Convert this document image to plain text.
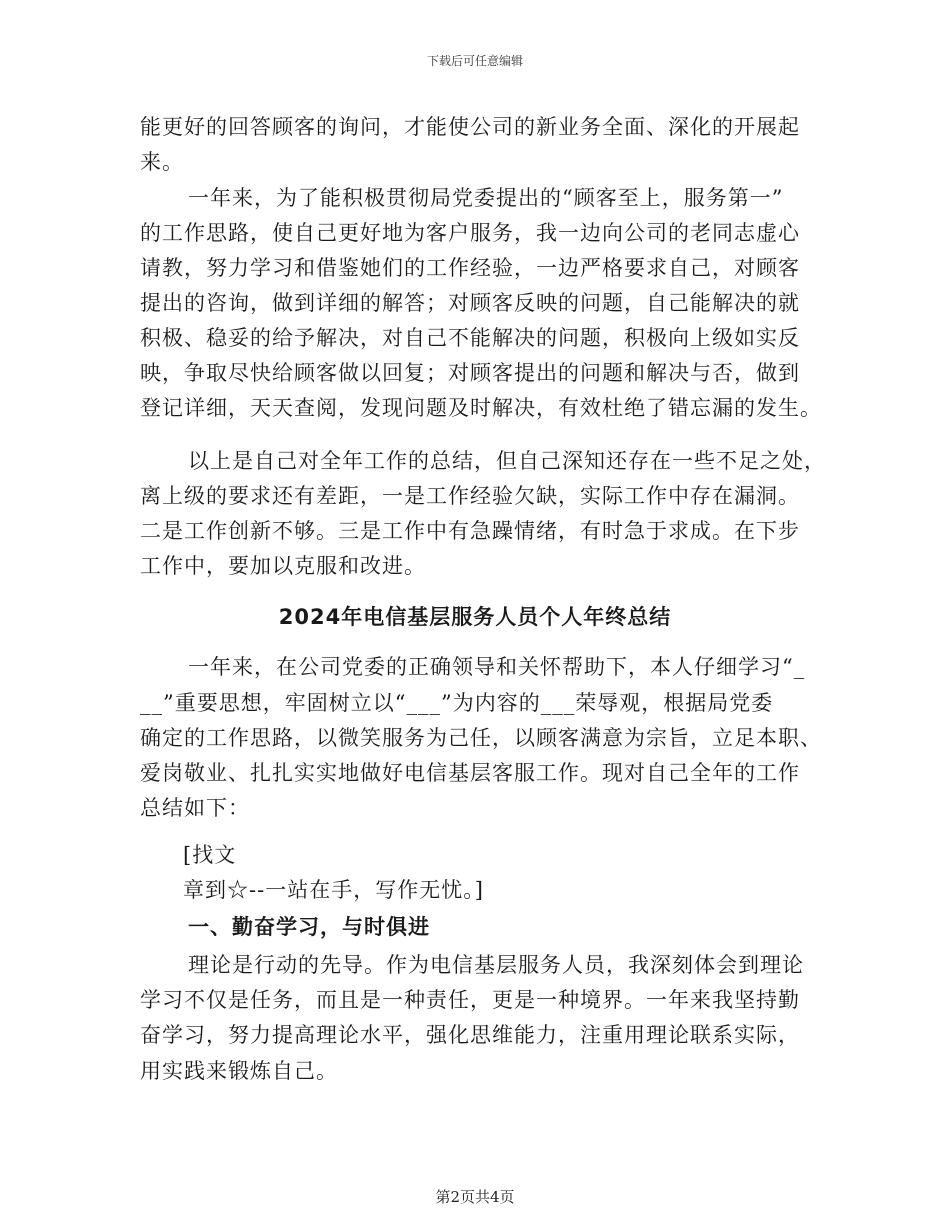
下载后可任意编辑
能更好的回答顾客的询问，才能使公司的新业务全面、深化的开展起
来。
一年来，为了能积极贯彻局党委提出的“顾客至上，服务第一”
的工作思路，使自己更好地为客户服务，我一边向公司的老同志虚心
请教，努力学习和借鉴她们的工作经验，一边严格要求自己，对顾客
提出的咨询，做到详细的解答；对顾客反映的问题，自己能解决的就
积极、稳妥的给予解决，对自己不能解决的问题，积极向上级如实反
映，争取尽快给顾客做以回复；对顾客提出的问题和解决与否，做到
登记详细，天天查阅，发现问题及时解决，有效杜绝了错忘漏的发生。
以上是自己对全年工作的总结，但自己深知还存在一些不足之处，
离上级的要求还有差距，一是工作经验欠缺，实际工作中存在漏洞。
二是工作创新不够。三是工作中有急躁情绪，有时急于求成。在下步
工作中，要加以克服和改进。
2024年电信基层服务人员个人年终总结
一年来，在公司党委的正确领导和关怀帮助下，本人仔细学习“_
__”重要思想，牢固树立以“___”为内容的___荣辱观，根据局党委
确定的工作思路，以微笑服务为己任，以顾客满意为宗旨，立足本职、
爱岗敬业、扎扎实实地做好电信基层客服工作。现对自己全年的工作
总结如下：
[找文
章到☆--一站在手，写作无忧。]
一、勤奋学习，与时俱进
理论是行动的先导。作为电信基层服务人员，我深刻体会到理论
学习不仅是任务，而且是一种责任，更是一种境界。一年来我坚持勤
奋学习，努力提高理论水平，强化思维能力，注重用理论联系实际，
用实践来锻炼自己。
第2页共4页
